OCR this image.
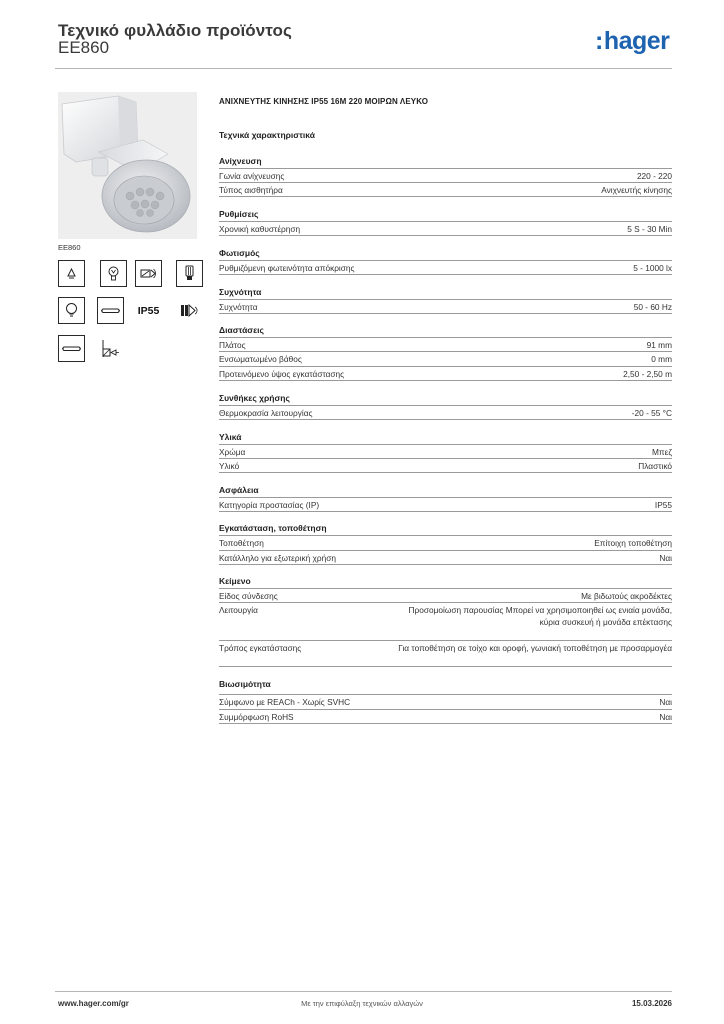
Τεχνικό φυλλάδιο προϊόντος
EE860	:hager
EE860
IP55
ΑΝΙΧΝΕΥΤΗΣ ΚΙΝΗΣΗΣ IP55 16M 220 ΜΟΙΡΩΝ ΛΕΥΚΟ
Τεχνικά χαρακτηριστικά
Ανίχνευση
Γωνία ανίχνευσης	220 - 220
Τύπος αισθητήρα	Ανιχνευτής κίνησης
Ρυθμίσεις
Χρονική καθυστέρηση	5 S - 30 Min
Φωτισμός
Ρυθμιζόμενη φωτεινότητα απόκρισης	5 - 1000 lx
Συχνότητα
Συχνότητα	50 - 60 Hz
Διαστάσεις
Πλάτος	91 mm
Ενσωματωμένο βάθος	0 mm
Προτεινόμενο ύψος εγκατάστασης	2,50 - 2,50 m
Συνθήκες χρήσης
Θερμοκρασία λειτουργίας	-20 - 55 °C
Υλικά
Χρώμα	Μπεζ
Υλικό	Πλαστικό
Ασφάλεια
Κατηγορία προστασίας (IP)	IP55
Εγκατάσταση, τοποθέτηση
Τοποθέτηση	Επίτοιχη τοποθέτηση
Κατάλληλο για εξωτερική χρήση	Ναι
Κείμενο
Είδος σύνδεσης	Με βιδωτούς ακροδέκτες
Λειτουργία	Προσομοίωση παρουσίας Μπορεί να χρησιμοποιηθεί ως ενιαία μονάδα, κύρια συσκευή ή μονάδα επέκτασης
Τρόπος εγκατάστασης	Για τοποθέτηση σε τοίχο και οροφή, γωνιακή τοποθέτηση με προσαρμογέα
Βιωσιμότητα
Σύμφωνο με REACh - Χωρίς SVHC	Ναι
Συμμόρφωση RoHS	Ναι
www.hager.com/gr	Με την επιφύλαξη τεχνικών αλλαγών	15.03.2026
